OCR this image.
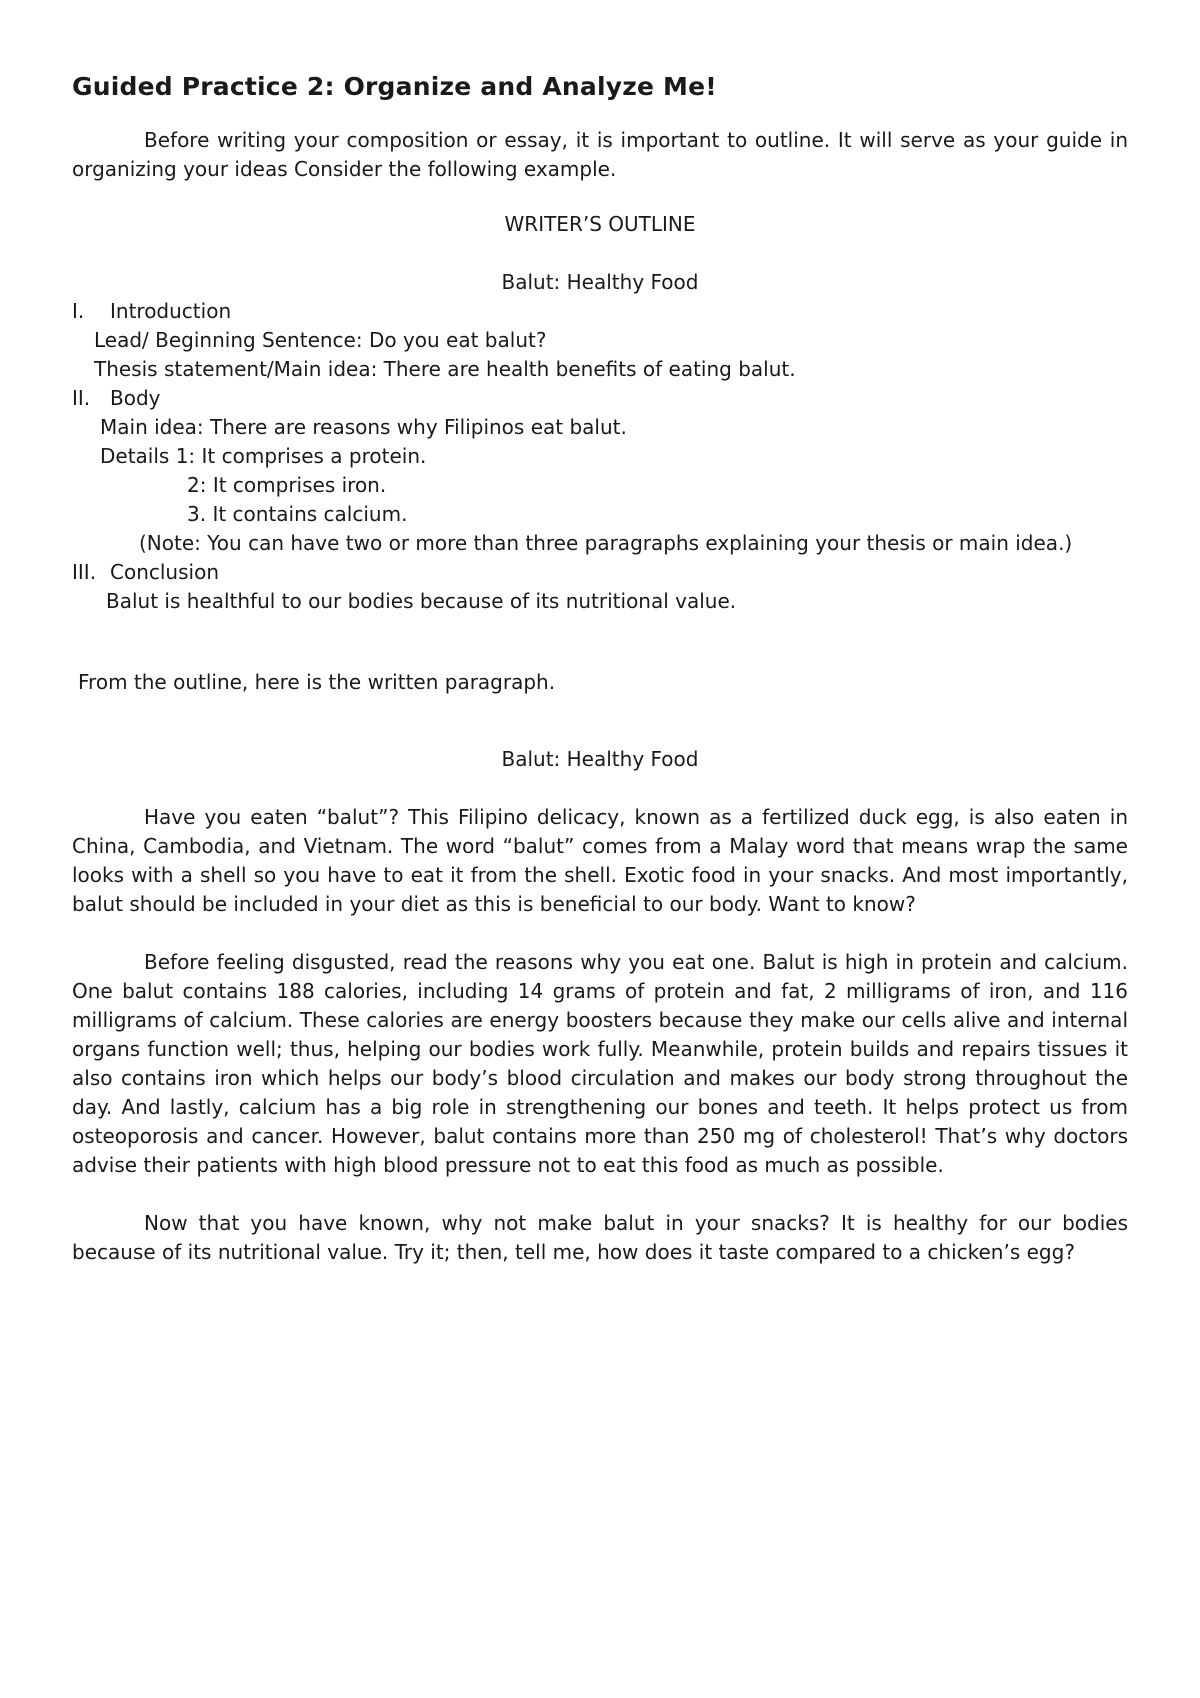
Guided Practice 2: Organize and Analyze Me!

Before writing your composition or essay, it is important to outline. It will serve as your guide in organizing your ideas Consider the following example.

WRITER’S OUTLINE

Balut: Healthy Food

I. Introduction
Lead/ Beginning Sentence: Do you eat balut?
Thesis statement/Main idea: There are health benefits of eating balut.
II. Body
Main idea: There are reasons why Filipinos eat balut.
Details 1: It comprises a protein.
2: It comprises iron.
3. It contains calcium.

(Note: You can have two or more than three paragraphs explaining your thesis or main idea.)

III. Conclusion
Balut is healthful to our bodies because of its nutritional value.

From the outline, here is the written paragraph.

Balut: Healthy Food

Have you eaten “balut”? This Filipino delicacy, known as a fertilized duck egg, is also eaten in China, Cambodia, and Vietnam. The word “balut” comes from a Malay word that means wrap the same looks with a shell so you have to eat it from the shell. Exotic food in your snacks. And most importantly, balut should be included in your diet as this is beneficial to our body. Want to know?

Before feeling disgusted, read the reasons why you eat one. Balut is high in protein and calcium. One balut contains 188 calories, including 14 grams of protein and fat, 2 milligrams of iron, and 116 milligrams of calcium. These calories are energy boosters because they make our cells alive and internal organs function well; thus, helping our bodies work fully. Meanwhile, protein builds and repairs tissues it also contains iron which helps our body’s blood circulation and makes our body strong throughout the day. And lastly, calcium has a big role in strengthening our bones and teeth. It helps protect us from osteoporosis and cancer. However, balut contains more than 250 mg of cholesterol! That’s why doctors advise their patients with high blood pressure not to eat this food as much as possible.

Now that you have known, why not make balut in your snacks? It is healthy for our bodies because of its nutritional value. Try it; then, tell me, how does it taste compared to a chicken’s egg?
